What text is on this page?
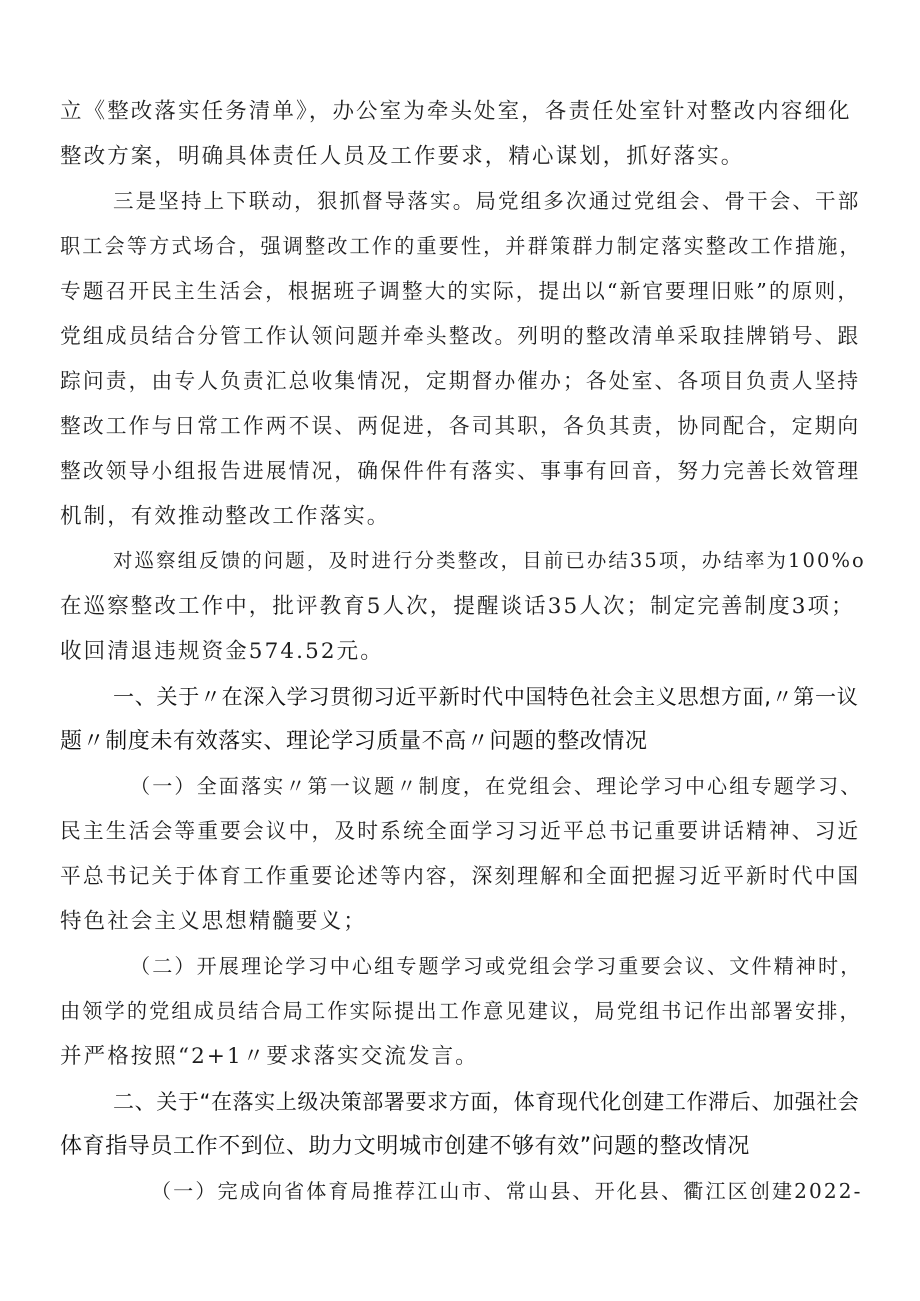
立《整改落实任务清单》，办公室为牵头处室，各责任处室针对整改内容细化
整改方案，明确具体责任人员及工作要求，精心谋划，抓好落实。
三是坚持上下联动，狠抓督导落实。局党组多次通过党组会、骨干会、干部
职工会等方式场合，强调整改工作的重要性，并群策群力制定落实整改工作措施，
专题召开民主生活会，根据班子调整大的实际，提出以“新官要理旧账”的原则，
党组成员结合分管工作认领问题并牵头整改。列明的整改清单采取挂牌销号、跟
踪问责，由专人负责汇总收集情况，定期督办催办；各处室、各项目负责人坚持
整改工作与日常工作两不误、两促进，各司其职，各负其责，协同配合，定期向
整改领导小组报告进展情况，确保件件有落实、事事有回音，努力完善长效管理
机制，有效推动整改工作落实。
对巡察组反馈的问题，及时进行分类整改，目前已办结35项，办结率为100%o
在巡察整改工作中，批评教育5人次，提醒谈话35人次；制定完善制度3项；
收回清退违规资金574.52元。
一、关于〃在深入学习贯彻习近平新时代中国特色社会主义思想方面,〃第一议
题〃制度未有效落实、理论学习质量不高〃问题的整改情况
（一）全面落实〃第一议题〃制度，在党组会、理论学习中心组专题学习、
民主生活会等重要会议中，及时系统全面学习习近平总书记重要讲话精神、习近
平总书记关于体育工作重要论述等内容，深刻理解和全面把握习近平新时代中国
特色社会主义思想精髓要义；
（二）开展理论学习中心组专题学习或党组会学习重要会议、文件精神时，
由领学的党组成员结合局工作实际提出工作意见建议，局党组书记作出部署安排，
并严格按照“2+1〃要求落实交流发言。
二、关于“在落实上级决策部署要求方面，体育现代化创建工作滞后、加强社会
体育指导员工作不到位、助力文明城市创建不够有效”问题的整改情况
（一）完成向省体育局推荐江山市、常山县、开化县、衢江区创建2022-
